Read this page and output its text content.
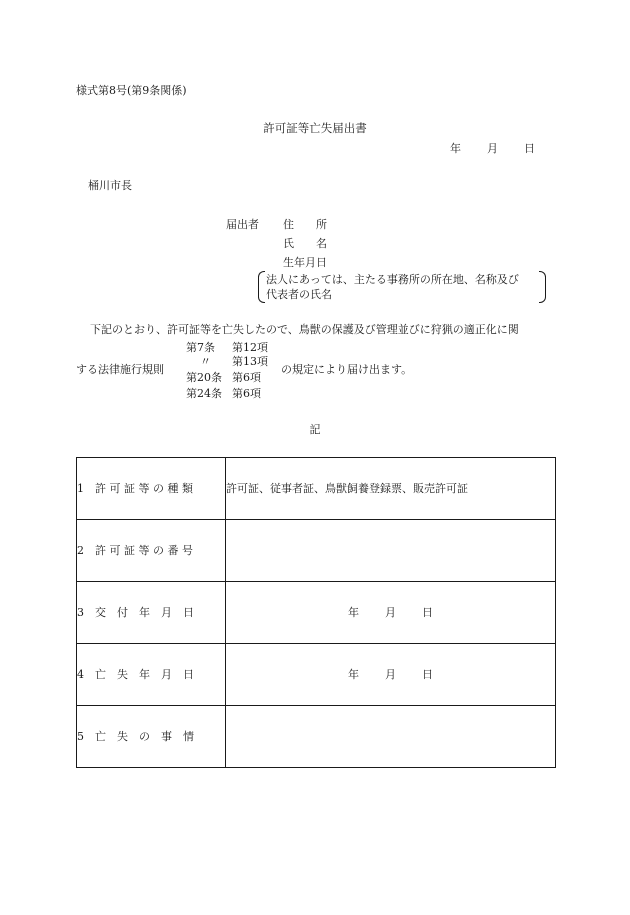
様式第8号(第9条関係)
許可証等亡失届出書
年 月 日
桶川市長
届出者 住　　所
氏　　名
生年月日
法人にあっては、主たる事務所の所在地、名称及び
代表者の氏名
下記のとおり、許可証等を亡失したので、鳥獣の保護及び管理並びに狩猟の適正化に関
第7条 第12項
〃 第13項
第20条 第6項
第24条 第6項
する法律施行規則	の規定により届け出ます。
記
1 許 可 証 等 の 種 類	許可証、従事者証、鳥獣飼養登録票、販売許可証
2 許 可 証 等 の 番 号	
3 交　付　年　月　日	年 月 日
4 亡　失　年　月　日	年 月 日
5 亡　失　の　事　情	
